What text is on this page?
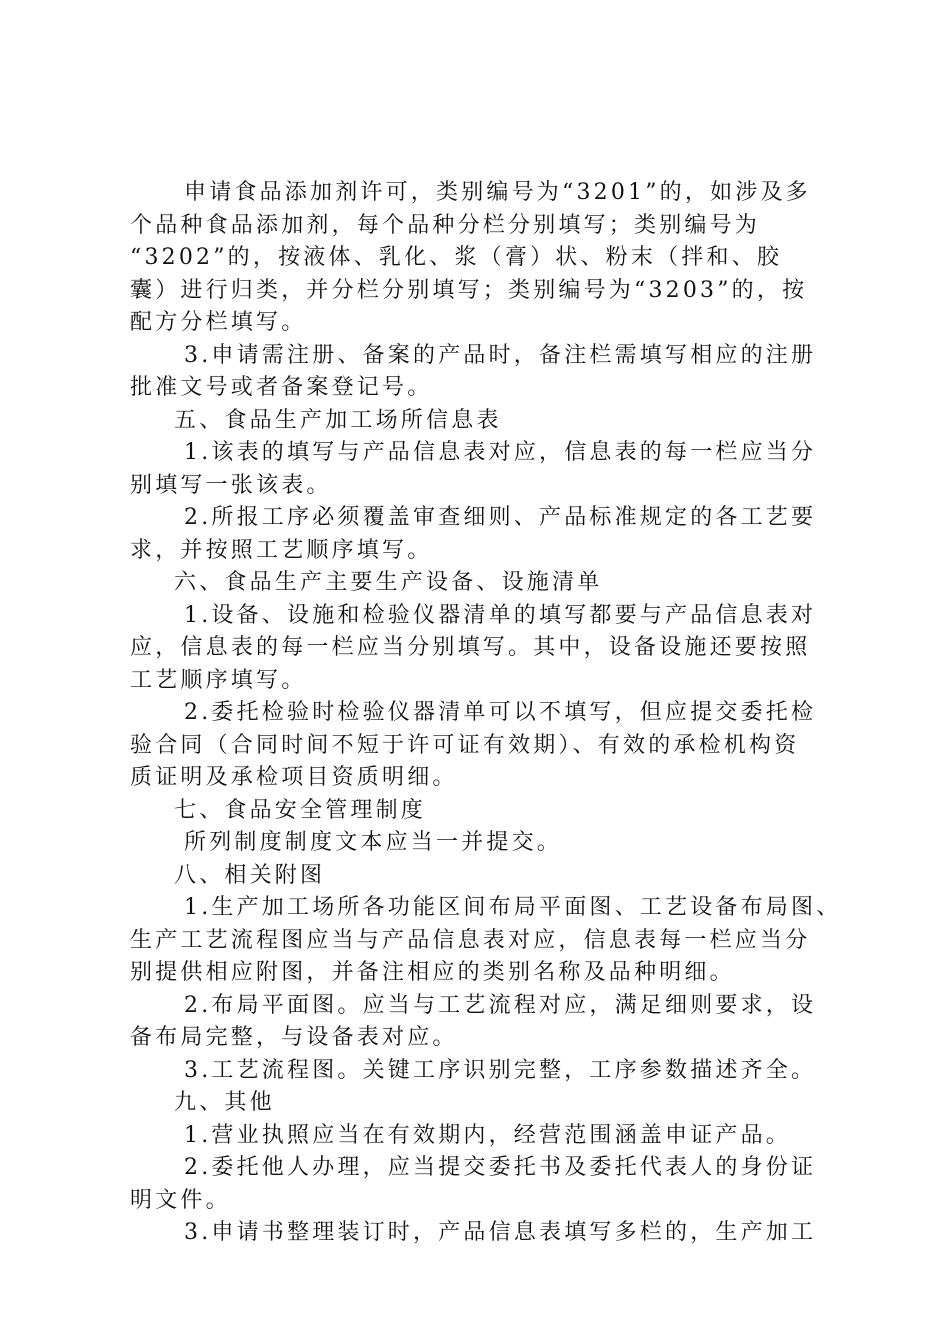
申请食品添加剂许可，类别编号为“3201”的，如涉及多
个品种食品添加剂，每个品种分栏分别填写；类别编号为
“3202”的，按液体、乳化、浆（膏）状、粉末（拌和、胶
囊）进行归类，并分栏分别填写；类别编号为“3203”的，按
配方分栏填写。
3.申请需注册、备案的产品时，备注栏需填写相应的注册
批准文号或者备案登记号。
五、食品生产加工场所信息表
1.该表的填写与产品信息表对应，信息表的每一栏应当分
别填写一张该表。
2.所报工序必须覆盖审查细则、产品标准规定的各工艺要
求，并按照工艺顺序填写。
六、食品生产主要生产设备、设施清单
1.设备、设施和检验仪器清单的填写都要与产品信息表对
应，信息表的每一栏应当分别填写。其中，设备设施还要按照
工艺顺序填写。
2.委托检验时检验仪器清单可以不填写，但应提交委托检
验合同（合同时间不短于许可证有效期）、有效的承检机构资
质证明及承检项目资质明细。
七、食品安全管理制度
所列制度制度文本应当一并提交。
八、相关附图
1.生产加工场所各功能区间布局平面图、工艺设备布局图、
生产工艺流程图应当与产品信息表对应，信息表每一栏应当分
别提供相应附图，并备注相应的类别名称及品种明细。
2.布局平面图。应当与工艺流程对应，满足细则要求，设
备布局完整，与设备表对应。
3.工艺流程图。关键工序识别完整，工序参数描述齐全。
九、其他
1.营业执照应当在有效期内，经营范围涵盖申证产品。
2.委托他人办理，应当提交委托书及委托代表人的身份证
明文件。
3.申请书整理装订时，产品信息表填写多栏的，生产加工
